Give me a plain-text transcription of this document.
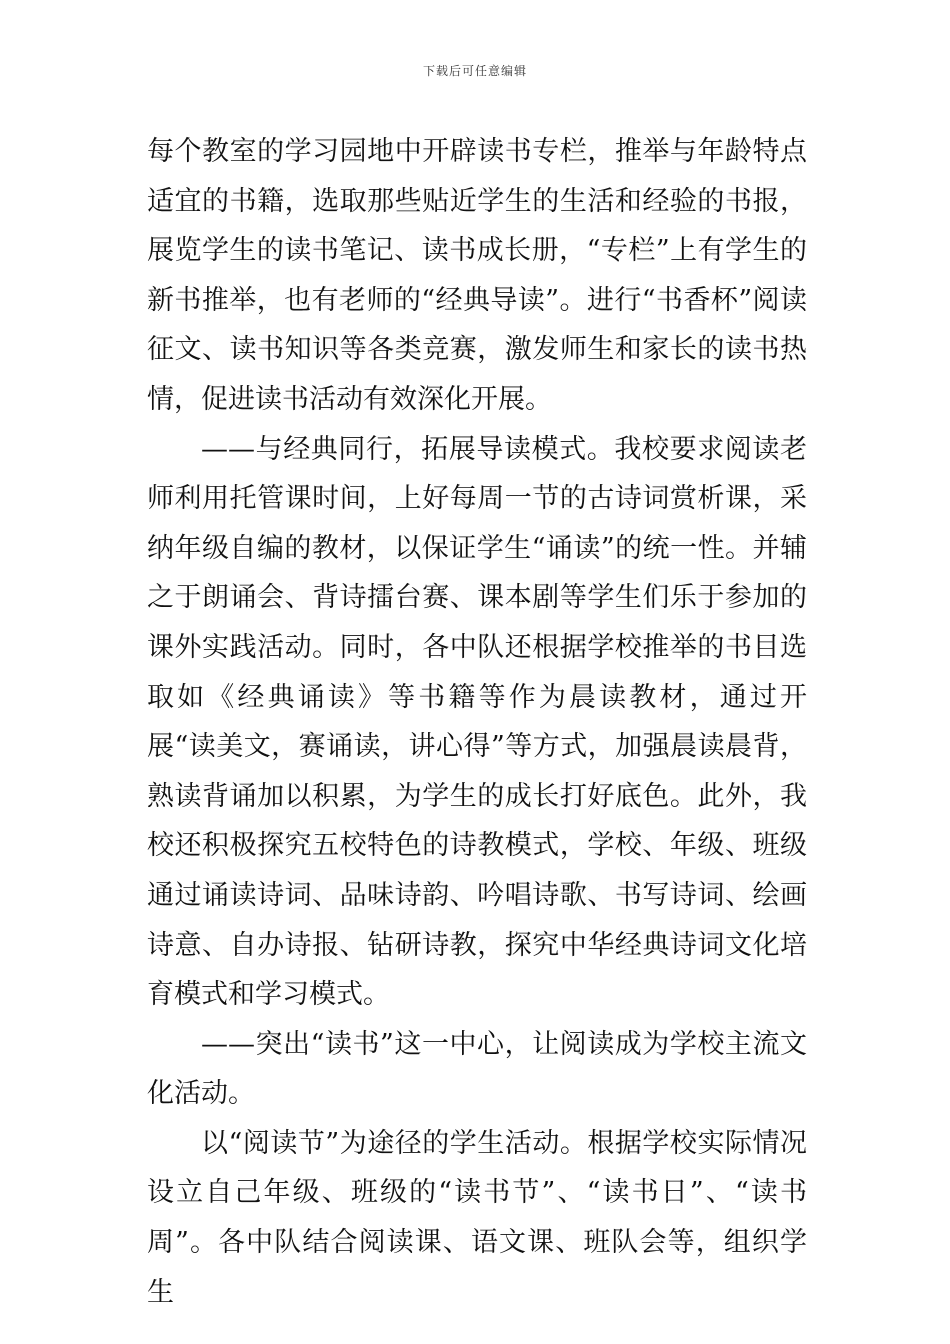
下载后可任意编辑

每个教室的学习园地中开辟读书专栏，推举与年龄特点适宜的书籍，选取那些贴近学生的生活和经验的书报，展览学生的读书笔记、读书成长册，“专栏”上有学生的新书推举，也有老师的“经典导读”。进行“书香杯”阅读征文、读书知识等各类竞赛，激发师生和家长的读书热情，促进读书活动有效深化开展。

——与经典同行，拓展导读模式。我校要求阅读老师利用托管课时间，上好每周一节的古诗词赏析课，采纳年级自编的教材，以保证学生“诵读”的统一性。并辅之于朗诵会、背诗擂台赛、课本剧等学生们乐于参加的课外实践活动。同时，各中队还根据学校推举的书目选取如《经典诵读》等书籍等作为晨读教材，通过开展“读美文，赛诵读，讲心得”等方式，加强晨读晨背，熟读背诵加以积累，为学生的成长打好底色。此外，我校还积极探究五校特色的诗教模式，学校、年级、班级通过诵读诗词、品味诗韵、吟唱诗歌、书写诗词、绘画诗意、自办诗报、钻研诗教，探究中华经典诗词文化培育模式和学习模式。

——突出“读书”这一中心，让阅读成为学校主流文化活动。

以“阅读节”为途径的学生活动。根据学校实际情况设立自己年级、班级的“读书节”、“读书日”、“读书周”。各中队结合阅读课、语文课、班队会等，组织学生
